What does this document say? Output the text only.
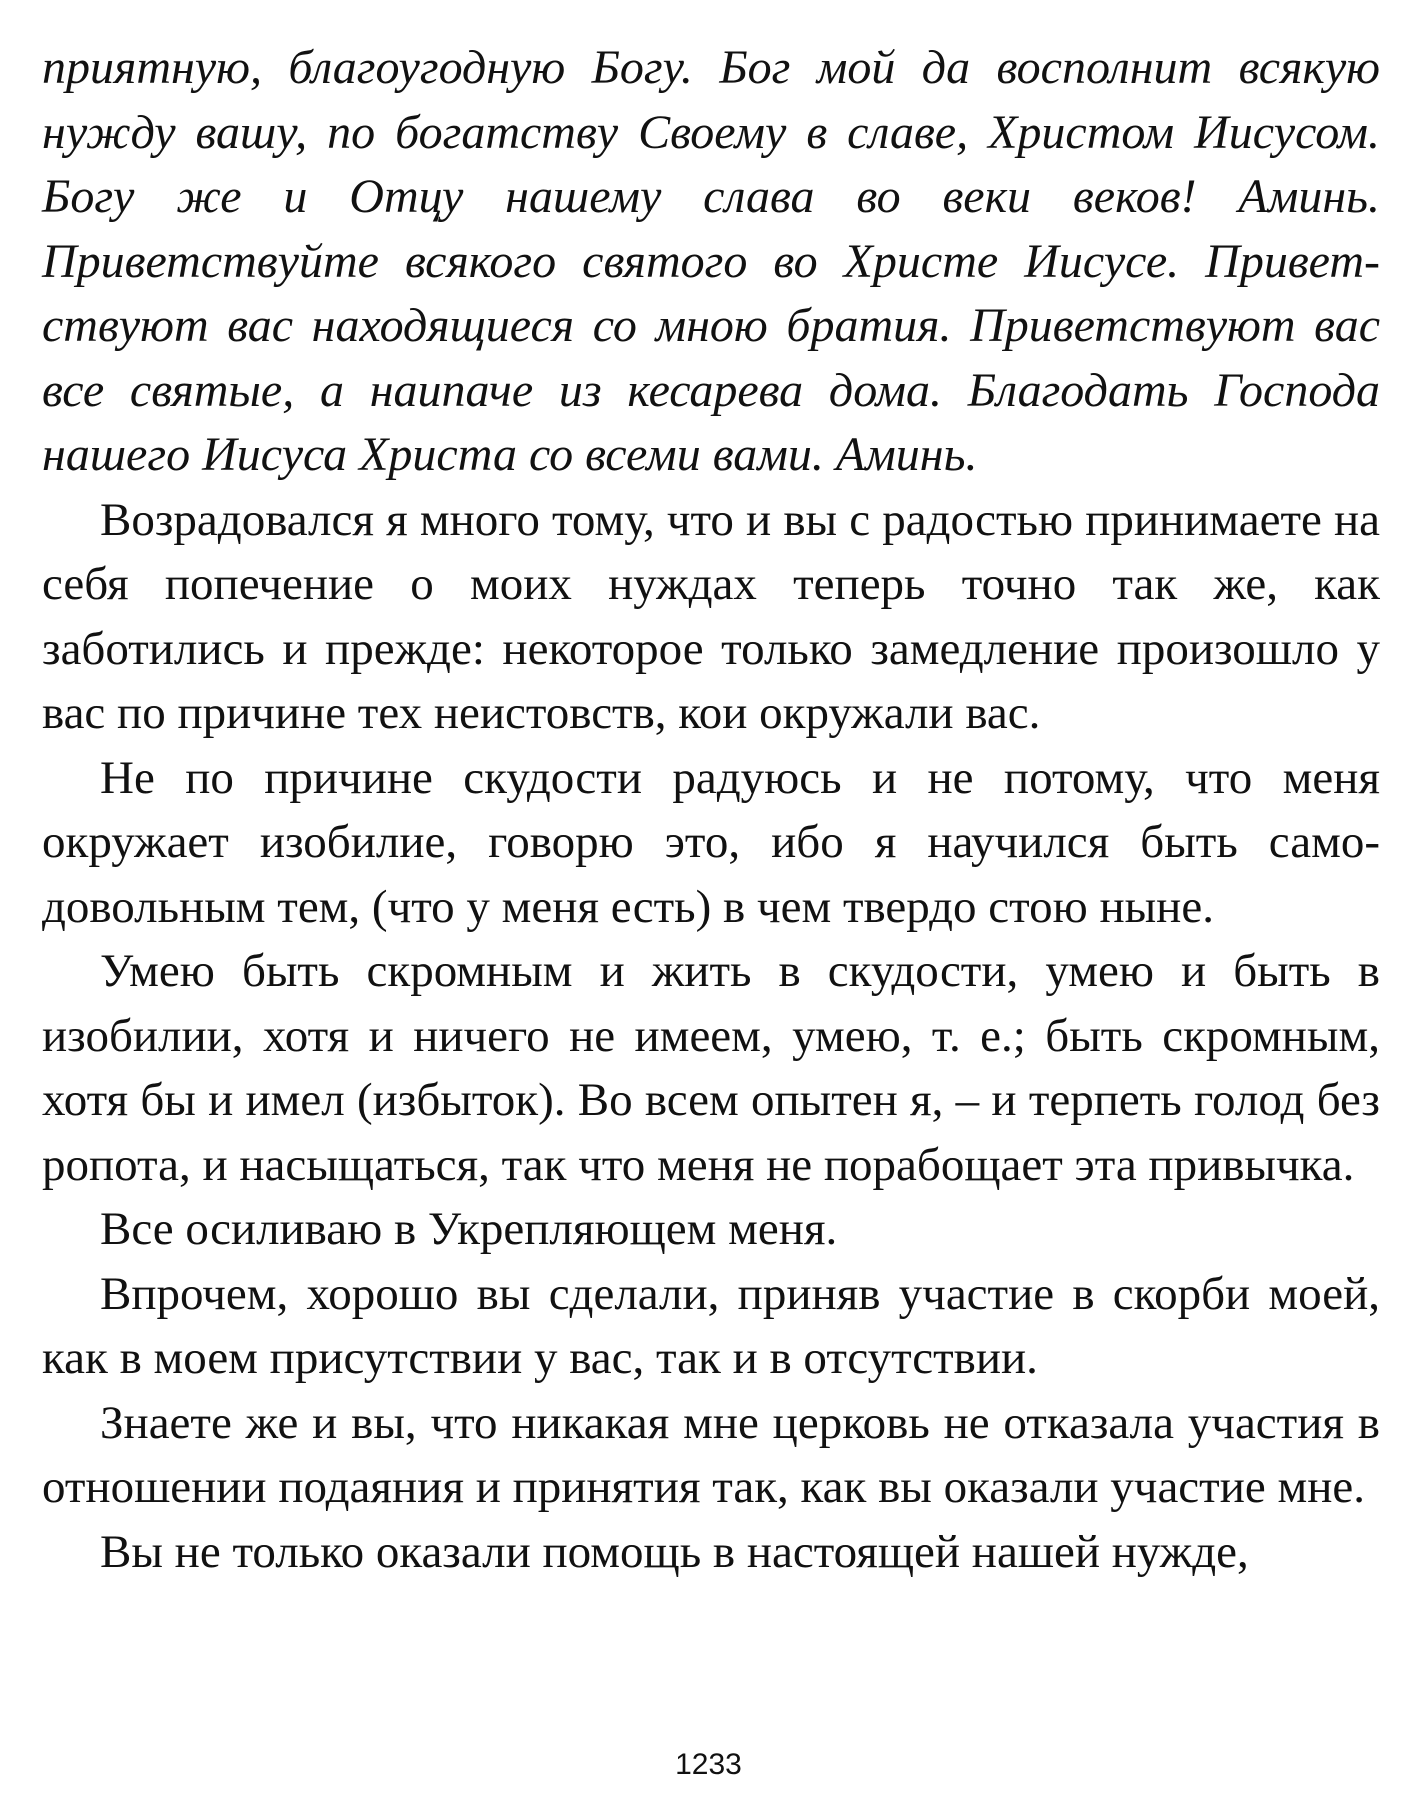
приятную, благоугодную Богу. Бог мой да восполнит всякую нужду вашу, по богатству Своему в славе, Христом Иисусом. Богу же и Отцу нашему слава во веки веков! Аминь. Приветствуйте всякого святого во Христе Иисусе. Приветствуют вас находящиеся со мною братия. Приветствуют вас все святые, а наипаче из кесарева дома. Благодать Господа нашего Иисуса Христа со всеми вами. Аминь.

Возрадовался я много тому, что и вы с радостью принимаете на себя попечение о моих нуждах теперь точно так же, как заботились и прежде: некоторое только замедление произошло у вас по причине тех неистовств, кои окружали вас.

Не по причине скудости радуюсь и не потому, что меня окружает изобилие, говорю это, ибо я научился быть самодовольным тем, (что у меня есть) в чем твердо стою ныне.

Умею быть скромным и жить в скудости, умею и быть в изобилии, хотя и ничего не имеем, умею, т. е.; быть скромным, хотя бы и имел (избыток). Во всем опытен я, – и терпеть голод без ропота, и насыщаться, так что меня не порабощает эта привычка.

Все осиливаю в Укрепляющем меня.

Впрочем, хорошо вы сделали, приняв участие в скорби моей, как в моем присутствии у вас, так и в отсутствии.

Знаете же и вы, что никакая мне церковь не отказала участия в отношении подаяния и принятия так, как вы оказали участие мне.

Вы не только оказали помощь в настоящей нашей нужде,

1233
